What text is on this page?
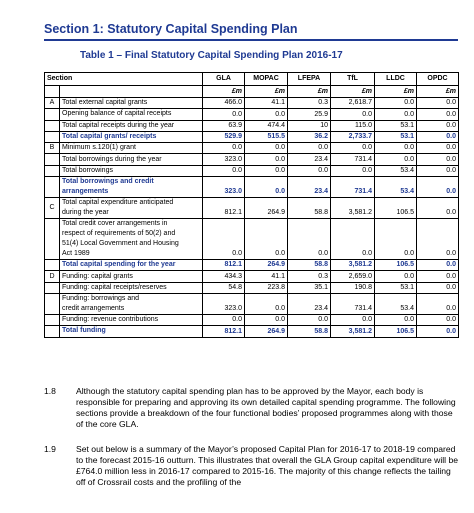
Section 1: Statutory Capital Spending Plan
Table 1 – Final Statutory Capital Spending Plan 2016-17
Section		GLA	MOPAC	LFEPA	TfL	LLDC	OPDC
		£m	£m	£m	£m	£m	£m
A	Total external capital grants	466.0	41.1	0.3	2,618.7	0.0	0.0

	Opening balance of capital receipts	0.0	0.0	25.9	0.0	0.0	0.0

	Total capital receipts during the year	63.9	474.4	10	115.0	53.1	0.0

	Total capital grants/ receipts	529.9	515.5	36.2	2,733.7	53.1	0.0
B	Minimum s.120(1) grant	0.0	0.0	0.0	0.0	0.0	0.0

	Total borrowings during the year	323.0	0.0	23.4	731.4	0.0	0.0

	Total borrowings	0.0	0.0	0.0	0.0	53.4	0.0

	Total borrowings and credit
arrangements	323.0	0.0	23.4	731.4	53.4	0.0
C	Total capital expenditure anticipated
during the year	812.1	264.9	58.8	3,581.2	106.5	0.0

	Total credit cover arrangements in
respect of requirements of 50(2) and
51(4) Local Government and Housing
Act 1989	0.0	0.0	0.0	0.0	0.0	0.0

	Total capital spending for the year	812.1	264.9	58.8	3,581.2	106.5	0.0
D	Funding: capital grants	434.3	41.1	0.3	2,659.0	0.0	0.0

	Funding: capital receipts/reserves	54.8	223.8	35.1	190.8	53.1	0.0

	Funding: borrowings and
credit arrangements	323.0	0.0	23.4	731.4	53.4	0.0

	Funding: revenue contributions	0.0	0.0	0.0	0.0	0.0	0.0

	Total funding	812.1	264.9	58.8	3,581.2	106.5	0.0
1.8 Although the statutory capital spending plan has to be approved by the Mayor, each body is responsible for preparing and approving its own detailed capital spending programme. The following sections provide a breakdown of the four functional bodies’ proposed programmes along with those of the core GLA.
1.9 Set out below is a summary of the Mayor’s proposed Capital Plan for 2016-17 to 2018-19 compared to the forecast 2015-16 outturn. This illustrates that overall the GLA Group capital expenditure will be £764.0 million less in 2016-17 compared to 2015-16. The majority of this change reflects the tailing off of Crossrail costs and the profiling of the
